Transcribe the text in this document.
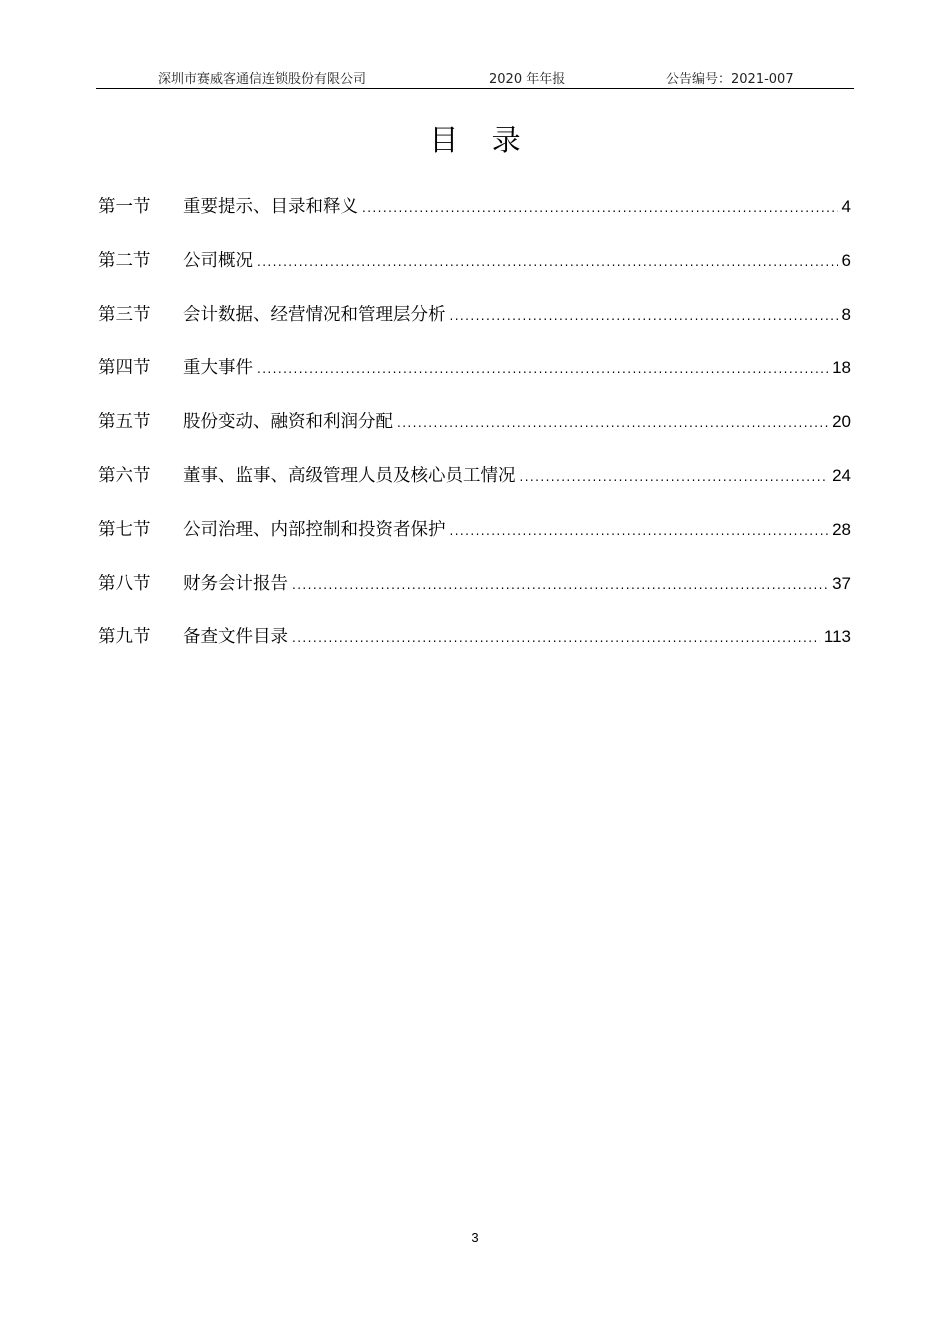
深圳市赛威客通信连锁股份有限公司	2020 年年报	公告编号：2021-007
目 录
第一节	重要提示、目录和释义 .....	4
第二节	公司概况 .....	6
第三节	会计数据、经营情况和管理层分析 .....	8
第四节	重大事件 .....	18
第五节	股份变动、融资和利润分配 .....	20
第六节	董事、监事、高级管理人员及核心员工情况 .....	24
第七节	公司治理、内部控制和投资者保护 .....	28
第八节	财务会计报告 .....	37
第九节	备查文件目录 .....	113
3
